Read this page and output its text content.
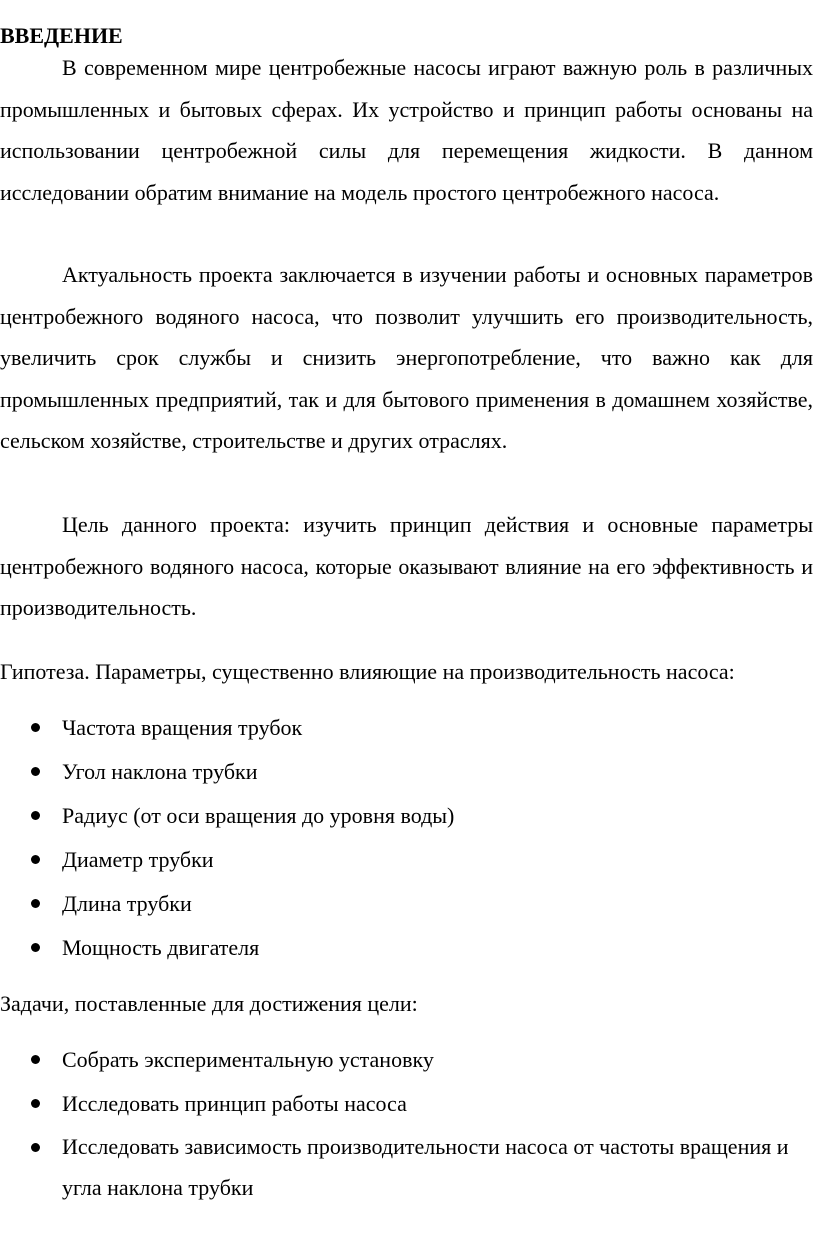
ВВЕДЕНИЕ

В современном мире центробежные насосы играют важную роль в различных промышленных и бытовых сферах. Их устройство и принцип работы основаны на использовании центробежной силы для перемещения жидкости. В данном исследовании обратим внимание на модель простого центробежного насоса.

Актуальность проекта заключается в изучении работы и основных параметров центробежного водяного насоса, что позволит улучшить его производительность, увеличить срок службы и снизить энергопотребление, что важно как для промышленных предприятий, так и для бытового применения в домашнем хозяйстве, сельском хозяйстве, строительстве и других отраслях.

Цель данного проекта: изучить принцип действия и основные параметры центробежного водяного насоса, которые оказывают влияние на его эффективность и производительность.

Гипотеза. Параметры, существенно влияющие на производительность насоса:

Частота вращения трубок
Угол наклона трубки
Радиус (от оси вращения до уровня воды)
Диаметр трубки
Длина трубки
Мощность двигателя

Задачи, поставленные для достижения цели:

Собрать экспериментальную установку
Исследовать принцип работы насоса
Исследовать зависимость производительности насоса от частоты вращения и угла наклона трубки
